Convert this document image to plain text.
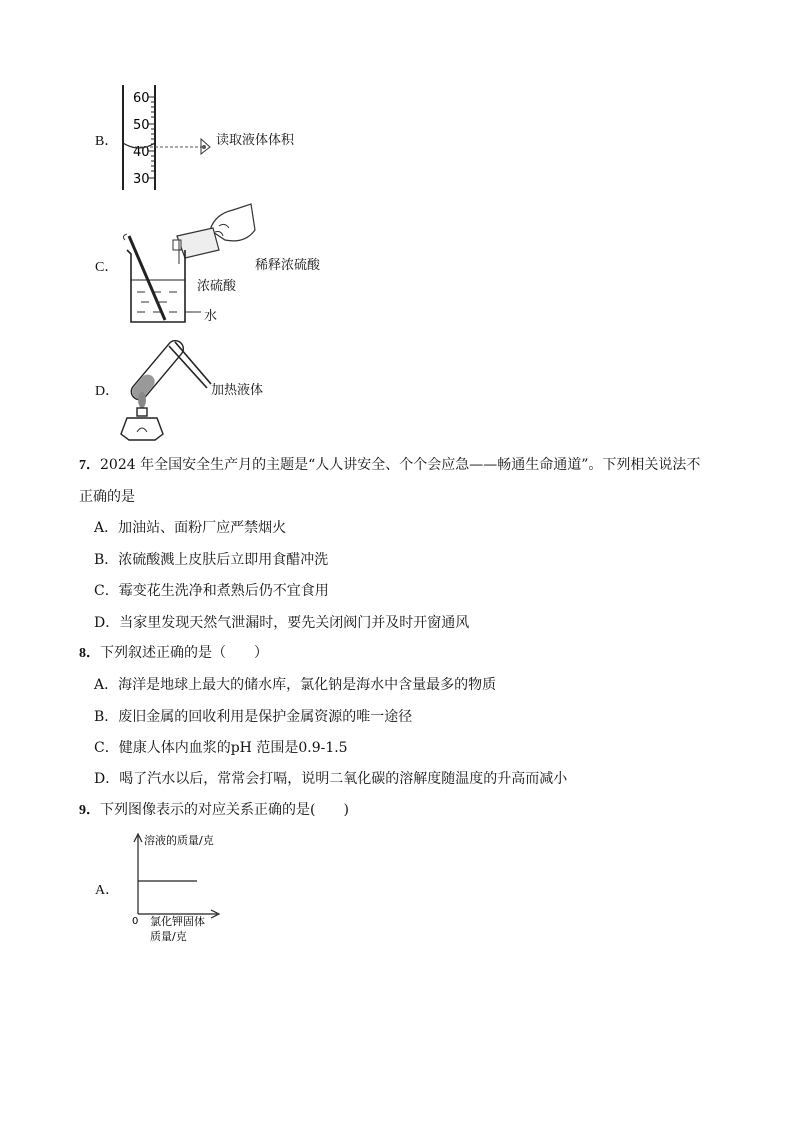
B．
60
50
40
30
读取液体体积
C．	稀释浓硫酸
浓硫酸
水
D．	加热液体
7．2024 年全国安全生产月的主题是“人人讲安全、个个会应急——畅通生命通道”。下列相关说法不
正确的是
A．加油站、面粉厂应严禁烟火
B．浓硫酸溅上皮肤后立即用食醋冲洗
C．霉变花生洗净和煮熟后仍不宜食用
D．当家里发现天然气泄漏时，要先关闭阀门并及时开窗通风
8．下列叙述正确的是（　　）
A．海洋是地球上最大的储水库，氯化钠是海水中含量最多的物质
B．废旧金属的回收利用是保护金属资源的唯一途径
C．健康人体内血浆的pH 范围是0.9-1.5
D．喝了汽水以后，常常会打嗝，说明二氧化碳的溶解度随温度的升高而减小
9．下列图像表示的对应关系正确的是(　　)
A．
溶液的质量/克
0 氯化钾固体
质量/克
